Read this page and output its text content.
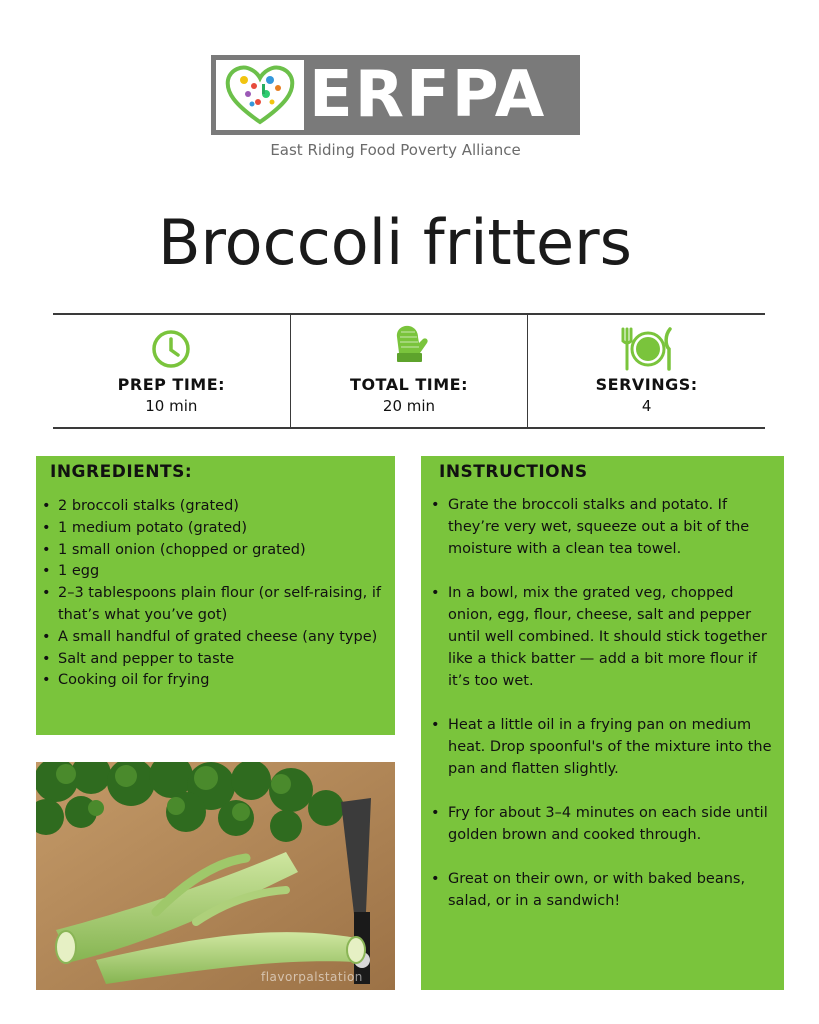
ERFPA
East Riding Food Poverty Alliance
Broccoli fritters
PREP TIME:
10 min
TOTAL TIME:
20 min
SERVINGS:
4
INGREDIENTS:
• 2 broccoli stalks (grated)
• 1 medium potato (grated)
• 1 small onion (chopped or grated)
• 1 egg
• 2–3 tablespoons plain flour (or self-raising, if that’s what you’ve got)
• A small handful of grated cheese (any type)
• Salt and pepper to taste
• Cooking oil for frying
flavorpalstation
INSTRUCTIONS
• Grate the broccoli stalks and potato. If they’re very wet, squeeze out a bit of the moisture with a clean tea towel.
• In a bowl, mix the grated veg, chopped onion, egg, flour, cheese, salt and pepper until well combined. It should stick together like a thick batter — add a bit more flour if it’s too wet.
• Heat a little oil in a frying pan on medium heat. Drop spoonful's of the mixture into the pan and flatten slightly.
• Fry for about 3–4 minutes on each side until golden brown and cooked through.
• Great on their own, or with baked beans, salad, or in a sandwich!
